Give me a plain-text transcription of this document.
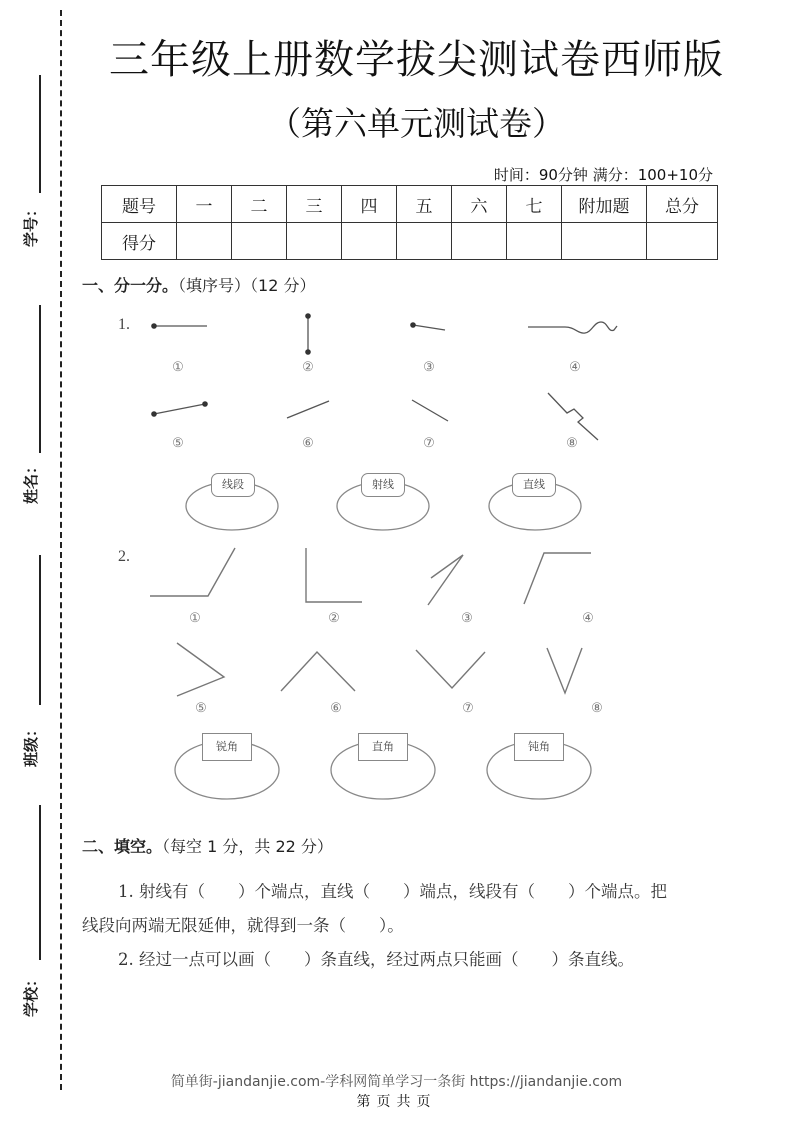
学号：
姓名：
班级：
学校：
三年级上册数学拔尖测试卷西师版
（第六单元测试卷）
时间：90分钟 满分：100+10分
题号	一	二	三	四	五	六	七	附加题	总分
得分									
一、分一分。（填序号）（12 分）
1.
①	②	③	④
⑤	⑥	⑦	⑧
线段	射线	直线
2.
①	②	③	④
⑤	⑥	⑦	⑧
锐角	直角	钝角
二、填空。（每空 1 分，共 22 分）
1. 射线有（　　）个端点，直线（　　）端点，线段有（　　）个端点。把
线段向两端无限延伸，就得到一条（　　）。
2. 经过一点可以画（　　）条直线，经过两点只能画（　　）条直线。
简单街-jiandanjie.com-学科网简单学习一条街 https://jiandanjie.com
第页共页
